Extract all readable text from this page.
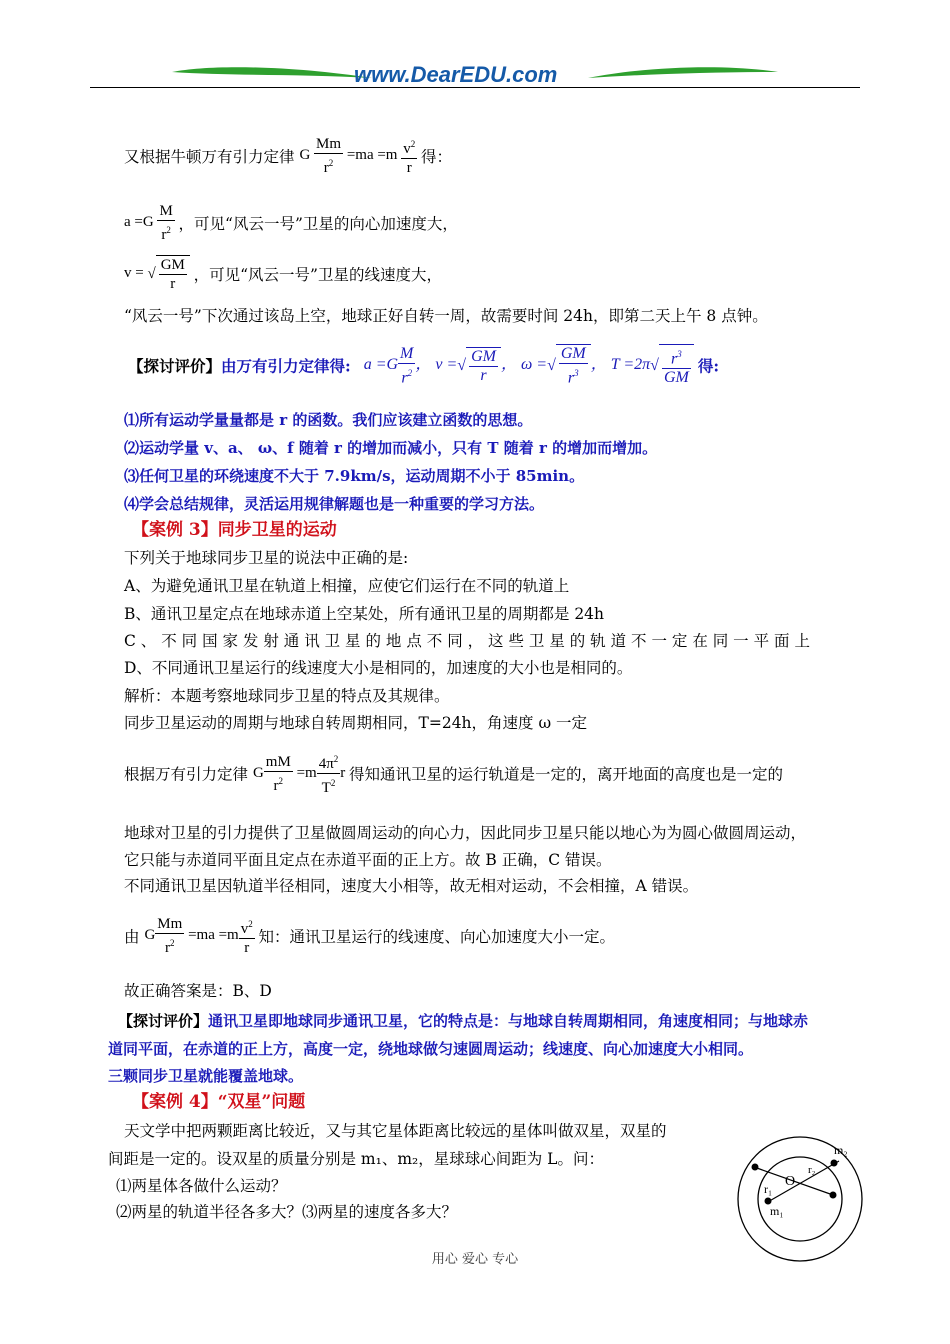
www.DearEDU.com
又根据牛顿万有引力定律 G $\frac{Mm}{r^2} =ma =m \frac{v^2}{r}$ 得：
$a =G \frac{M}{r^2}$ ，可见“风云一号”卫星的向心加速度大，
v = √ $\frac{GM}{r}$ ，可见“风云一号”卫星的线速度大，
“风云一号”下次通过该岛上空，地球正好自转一周，故需要时间 24h，即第二天上午 8 点钟。
【探讨评价】由万有引力定律得: $a =G \frac{M}{r^2}$ ， v =√ $\frac{GM}{r}$ ， ω =√ $\frac{GM}{r^3}$ ， $T =2\pi√ \frac{r^3}{GM}$ 得:
⑴所有运动学量量都是 r 的函数。我们应该建立函数的思想。
⑵运动学量 v、a、 ω、f 随着 r 的增加而减小，只有 T 随着 r 的增加而增加。
⑶任何卫星的环绕速度不大于 7.9km/s，运动周期不小于 85min。
⑷学会总结规律，灵活运用规律解题也是一种重要的学习方法。
【案例 3】同步卫星的运动
下列关于地球同步卫星的说法中正确的是:
A、为避免通讯卫星在轨道上相撞，应使它们运行在不同的轨道上
B、通讯卫星定点在地球赤道上空某处，所有通讯卫星的周期都是 24h
C 、 不 同 国 家 发 射 通 讯 卫 星 的 地 点 不 同 ， 这 些 卫 星 的 轨 道 不 一 定 在 同 一 平 面 上
D、不同通讯卫星运行的线速度大小是相同的，加速度的大小也是相同的。
解析：本题考察地球同步卫星的特点及其规律。
同步卫星运动的周期与地球自转周期相同，T=24h，角速度 ω 一定
根据万有引力定律 G $\frac{mM}{r^2} =m \frac{4\pi^2}{T^2}$ r 得知通讯卫星的运行轨道是一定的，离开地面的高度也是一定的
地球对卫星的引力提供了卫星做圆周运动的向心力，因此同步卫星只能以地心为为圆心做圆周运动，
它只能与赤道同平面且定点在赤道平面的正上方。故 B 正确，C 错误。
不同通讯卫星因轨道半径相同，速度大小相等，故无相对运动，不会相撞，A 错误。
由 G $\frac{Mm}{r^2} =ma =m \frac{v^2}{r}$ 知：通讯卫星运行的线速度、向心加速度大小一定。
故正确答案是：B、D
【探讨评价】通讯卫星即地球同步通讯卫星，它的特点是：与地球自转周期相同，角速度相同；与地球赤
道同平面，在赤道的正上方，高度一定，绕地球做匀速圆周运动；线速度、向心加速度大小相同。
三颗同步卫星就能覆盖地球。
【案例 4】“双星”问题
天文学中把两颗距离比较近，又与其它星体距离比较远的星体叫做双星，双星的
间距是一定的。设双星的质量分别是 m₁、m₂，星球球心间距为 L。问：
⑴两星体各做什么运动？
⑵两星的轨道半径各多大？⑶两星的速度各多大？
m₂
m₁
r₁
r₂
O
用心 爱心 专心
